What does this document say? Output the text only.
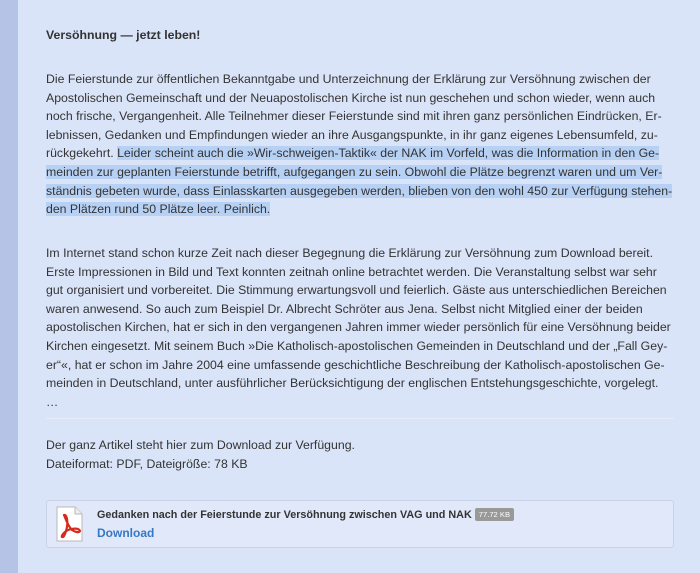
Versöhnung — jetzt leben!

Die Feierstunde zur öffentlichen Bekanntgabe und Unterzeichnung der Erklärung zur Versöhnung zwischen der Apostolischen Gemeinschaft und der Neuapostolischen Kirche ist nun geschehen und schon wieder, wenn auch noch frische, Vergangenheit. Alle Teilnehmer dieser Feierstunde sind mit ihren ganz persönlichen Eindrücken, Erlebnissen, Gedanken und Empfindungen wieder an ihre Ausgangspunkte, in ihr ganz eigenes Lebensumfeld, zurückgekehrt. Leider scheint auch die »Wir-schweigen-Taktik« der NAK im Vorfeld, was die Information in den Gemeinden zur geplanten Feierstunde betrifft, aufgegangen zu sein. Obwohl die Plätze begrenzt waren und um Verständnis gebeten wurde, dass Einlasskarten ausgegeben werden, blieben von den wohl 450 zur Verfügung stehenden Plätzen rund 50 Plätze leer. Peinlich.

Im Internet stand schon kurze Zeit nach dieser Begegnung die Erklärung zur Versöhnung zum Download bereit. Erste Impressionen in Bild und Text konnten zeitnah online betrachtet werden. Die Veranstaltung selbst war sehr gut organisiert und vorbereitet. Die Stimmung erwartungsvoll und feierlich. Gäste aus unterschiedlichen Bereichen waren anwesend. So auch zum Beispiel Dr. Albrecht Schröter aus Jena. Selbst nicht Mitglied einer der beiden apostolischen Kirchen, hat er sich in den vergangenen Jahren immer wieder persönlich für eine Versöhnung beider Kirchen eingesetzt. Mit seinem Buch »Die Katholisch-apostolischen Gemeinden in Deutschland und der „Fall Geyer“«, hat er schon im Jahre 2004 eine umfassende geschichtliche Beschreibung der Katholisch-apostolischen Gemeinden in Deutschland, unter ausführlicher Berücksichtigung der englischen Entstehungsgeschichte, vorgelegt. …

Der ganz Artikel steht hier zum Download zur Verfügung.
Dateiformat: PDF, Dateigröße: 78 KB

Gedanken nach der Feierstunde zur Versöhnung zwischen VAG und NAK 77.72 KB
Download
